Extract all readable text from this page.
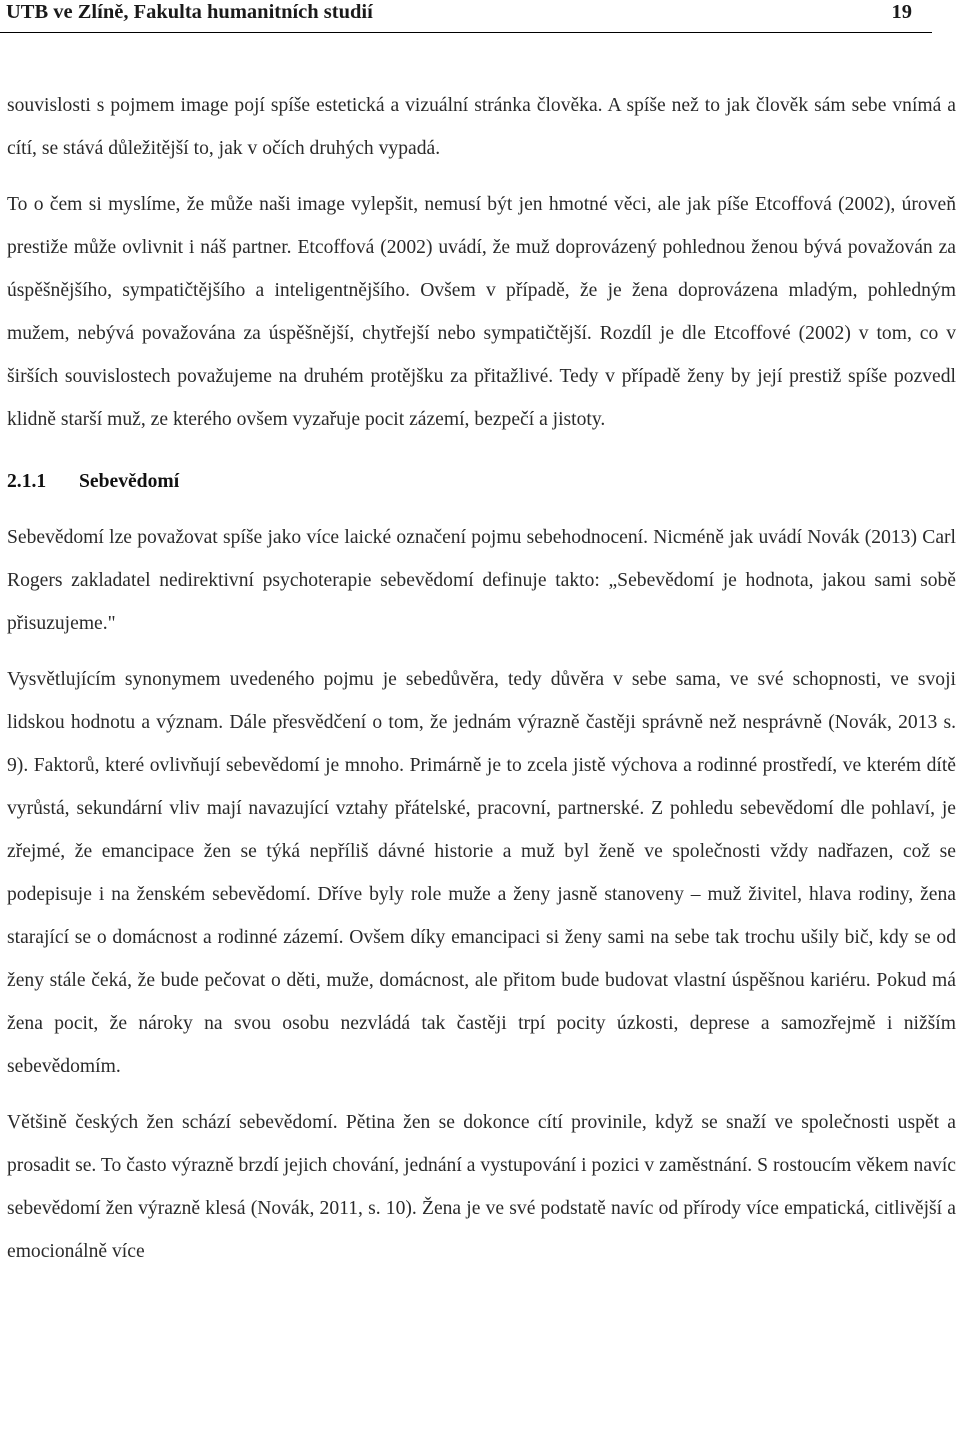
UTB ve Zlíně, Fakulta humanitních studií	19

souvislosti s pojmem image pojí spíše estetická a vizuální stránka člověka. A spíše než to jak člověk sám sebe vnímá a cítí, se stává důležitější to, jak v očích druhých vypadá.

To o čem si myslíme, že může naši image vylepšit, nemusí být jen hmotné věci, ale jak píše Etcoffová (2002), úroveň prestiže může ovlivnit i náš partner. Etcoffová (2002) uvádí, že muž doprovázený pohlednou ženou bývá považován za úspěšnějšího, sympatičtějšího a inteligentnějšího. Ovšem v případě, že je žena doprovázena mladým, pohledným mužem, nebývá považována za úspěšnější, chytřejší nebo sympatičtější. Rozdíl je dle Etcoffové (2002) v tom, co v širších souvislostech považujeme na druhém protějšku za přitažlivé. Tedy v případě ženy by její prestiž spíše pozvedl klidně starší muž, ze kterého ovšem vyzařuje pocit zázemí, bezpečí a jistoty.

2.1.1 Sebevědomí

Sebevědomí lze považovat spíše jako více laické označení pojmu sebehodnocení. Nicméně jak uvádí Novák (2013) Carl Rogers zakladatel nedirektivní psychoterapie sebevědomí definuje takto: „Sebevědomí je hodnota, jakou sami sobě přisuzujeme."

Vysvětlujícím synonymem uvedeného pojmu je sebedůvěra, tedy důvěra v sebe sama, ve své schopnosti, ve svoji lidskou hodnotu a význam. Dále přesvědčení o tom, že jednám výrazně častěji správně než nesprávně (Novák, 2013 s. 9). Faktorů, které ovlivňují sebevědomí je mnoho. Primárně je to zcela jistě výchova a rodinné prostředí, ve kterém dítě vyrůstá, sekundární vliv mají navazující vztahy přátelské, pracovní, partnerské. Z pohledu sebevědomí dle pohlaví, je zřejmé, že emancipace žen se týká nepříliš dávné historie a muž byl ženě ve společnosti vždy nadřazen, což se podepisuje i na ženském sebevědomí. Dříve byly role muže a ženy jasně stanoveny – muž živitel, hlava rodiny, žena starající se o domácnost a rodinné zázemí. Ovšem díky emancipaci si ženy sami na sebe tak trochu ušily bič, kdy se od ženy stále čeká, že bude pečovat o děti, muže, domácnost, ale přitom bude budovat vlastní úspěšnou kariéru. Pokud má žena pocit, že nároky na svou osobu nezvládá tak častěji trpí pocity úzkosti, deprese a samozřejmě i nižším sebevědomím.

Většině českých žen schází sebevědomí. Pětina žen se dokonce cítí provinile, když se snaží ve společnosti uspět a prosadit se. To často výrazně brzdí jejich chování, jednání a vystupování i pozici v zaměstnání. S rostoucím věkem navíc sebevědomí žen výrazně klesá (Novák, 2011, s. 10). Žena je ve své podstatě navíc od přírody více empatická, citlivější a emocionálně více
